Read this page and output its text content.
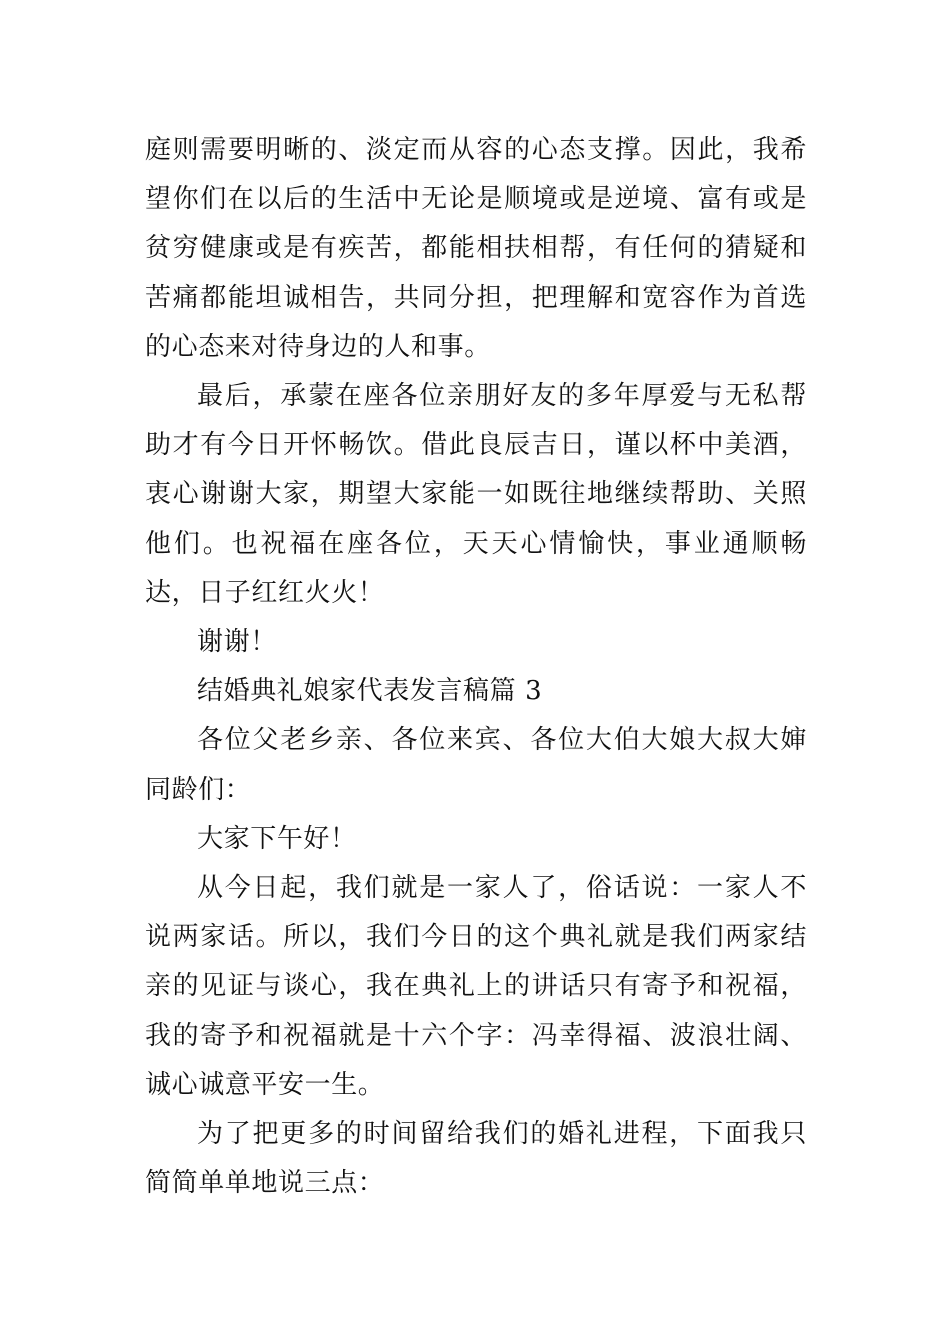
庭则需要明晰的、淡定而从容的心态支撑。因此，我希望你们在以后的生活中无论是顺境或是逆境、富有或是贫穷健康或是有疾苦，都能相扶相帮，有任何的猜疑和苦痛都能坦诚相告，共同分担，把理解和宽容作为首选的心态来对待身边的人和事。

最后，承蒙在座各位亲朋好友的多年厚爱与无私帮助才有今日开怀畅饮。借此良辰吉日，谨以杯中美酒，衷心谢谢大家，期望大家能一如既往地继续帮助、关照他们。也祝福在座各位，天天心情愉快，事业通顺畅达，日子红红火火！

谢谢！

结婚典礼娘家代表发言稿篇 3

各位父老乡亲、各位来宾、各位大伯大娘大叔大婶同龄们：

大家下午好！

从今日起，我们就是一家人了，俗话说：一家人不说两家话。所以，我们今日的这个典礼就是我们两家结亲的见证与谈心，我在典礼上的讲话只有寄予和祝福，我的寄予和祝福就是十六个字：冯幸得福、波浪壮阔、诚心诚意平安一生。

为了把更多的时间留给我们的婚礼进程，下面我只简简单单地说三点：
